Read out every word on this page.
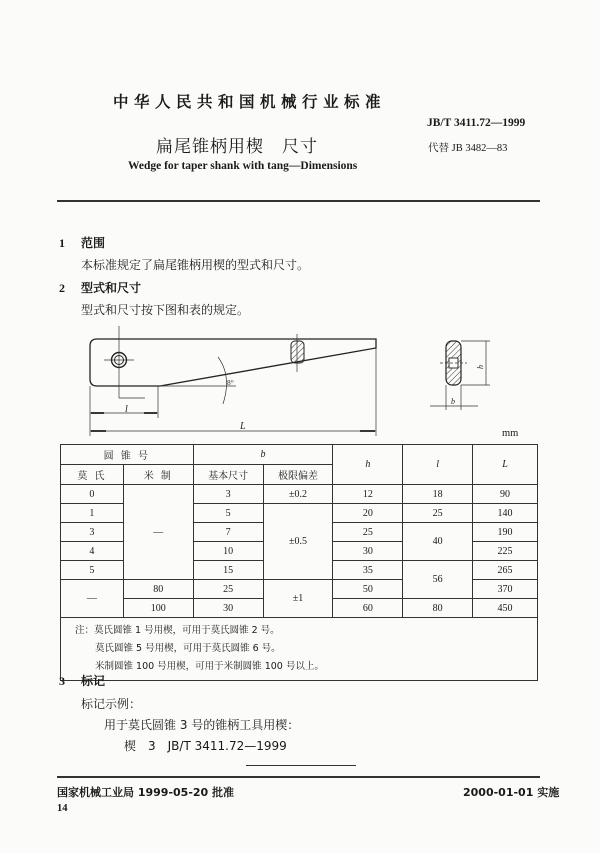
中华人民共和国机械行业标准
JB/T 3411.72—1999
扁尾锥柄用楔　尺寸	代替 JB 3482—83
Wedge for taper shank with tang—Dimensions
1 范围
本标准规定了扁尾锥柄用楔的型式和尺寸。
2 型式和尺寸
型式和尺寸按下图和表的规定。
8°
l
L
h
b
mm
圆 锥 号		b		h	l	L
莫 氏	米 制	基本尺寸	极限偏差			
0	—	3	±0.2	12	18	90
1		5	±0.5	20	25	140
3		7		25	40	190
4		10		30		225
5		15		35	56	265
—	80	25	±1	50		370
	100	30		60	80	450

注：莫氏圆锥 1 号用楔，可用于莫氏圆锥 2 号。
莫氏圆锥 5 号用楔，可用于莫氏圆锥 6 号。
米制圆锥 100 号用楔，可用于米制圆锥 100 号以上。						
3 标记
标记示例：
用于莫氏圆锥 3 号的锥柄工具用楔：
楔　3　JB/T 3411.72—1999
国家机械工业局 1999-05-20 批准	2000-01-01 实施
14
